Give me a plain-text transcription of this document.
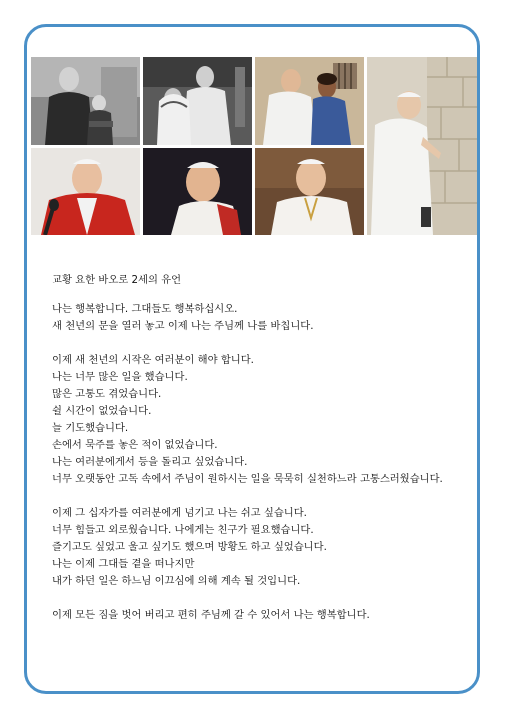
교황 요한 바오로 2세의 유언
나는 행복합니다. 그대들도 행복하십시오.
새 천년의 문을 열러 놓고 이제 나는 주님께 나를 바칩니다.
이제 새 천년의 시작은 여러분이 해야 합니다.
나는 너무 많은 일을 했습니다.
많은 고통도 겪었습니다.
쉴 시간이 없었습니다.
늘 기도했습니다.
손에서 묵주를 놓은 적이 없었습니다.
나는 여러분에게서 등을 돌리고 싶었습니다.
너무 오랫동안 고독 속에서 주님이 원하시는 일을 묵묵히 실천하느라 고통스러웠습니다.
이제 그 십자가를 여러분에게 넘기고 나는 쉬고 싶습니다.
너무 힘들고 외로웠습니다. 나에게는 친구가 필요했습니다.
즐기고도 싶었고 울고 싶기도 했으며 방황도 하고 싶었습니다.
나는 이제 그대들 곁을 떠나지만
내가 하던 일은 하느님 이끄심에 의해 계속 될 것입니다.
이제 모든 짐을 벗어 버리고 편히 주님께 갈 수 있어서 나는 행복합니다.
